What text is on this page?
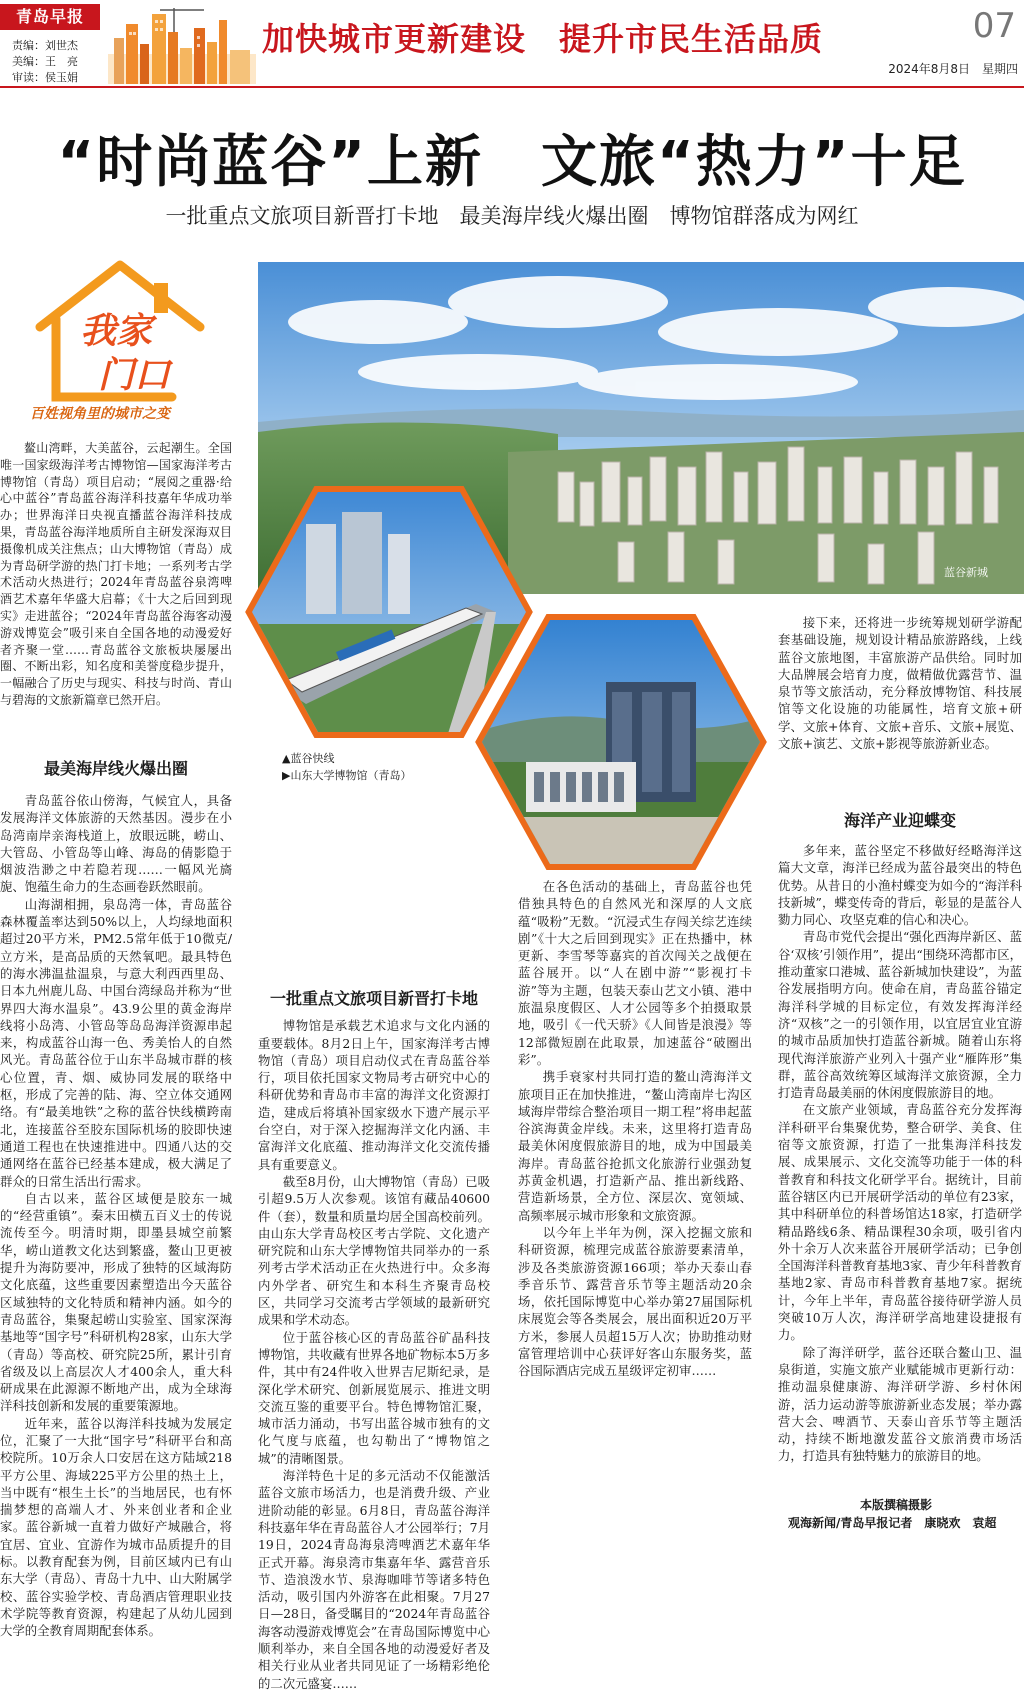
青岛早报
责编：刘世杰
美编：王　亮
审读：侯玉娟
加快城市更新建设　提升市民生活品质	07
2024年8月8日　星期四
“时尚蓝谷”上新　文旅“热力”十足
一批重点文旅项目新晋打卡地　最美海岸线火爆出圈　博物馆群落成为网红
我家
门口
百姓视角里的城市之变
蓝谷新城
▲蓝谷快线
▶山东大学博物馆（青岛）

鳌山湾畔，大美蓝谷，云起潮生。全国唯一国家级海洋考古博物馆—国家海洋考古博物馆（青岛）项目启动；“展阅之重器·给心中蓝谷”青岛蓝谷海洋科技嘉年华成功举办；世界海洋日央视直播蓝谷海洋科技成果，青岛蓝谷海洋地质所自主研发深海双目摄像机成关注焦点；山大博物馆（青岛）成为青岛研学游的热门打卡地；一系列考古学术活动火热进行；2024年青岛蓝谷泉湾啤酒艺术嘉年华盛大启幕；《十大之后回到现实》走进蓝谷；“2024年青岛蓝谷海客动漫游戏博览会”吸引来自全国各地的动漫爱好者齐聚一堂……青岛蓝谷文旅板块屡屡出圈、不断出彩，知名度和美誉度稳步提升，一幅融合了历史与现实、科技与时尚、青山与碧海的文旅新篇章已然开启。

最美海岸线火爆出圈

青岛蓝谷依山傍海，气候宜人，具备发展海洋文体旅游的天然基因。漫步在小岛湾南岸亲海栈道上，放眼远眺，崂山、大管岛、小管岛等山峰、海岛的倩影隐于烟波浩渺之中若隐若现……一幅风光旖旎、饱蕴生命力的生态画卷跃然眼前。

山海湖相拥，泉岛湾一体，青岛蓝谷森林覆盖率达到50%以上，人均绿地面积超过20平方米，PM2.5常年低于10微克/立方米，是高品质的天然氧吧。最具特色的海水沸温盐温泉，与意大利西西里岛、日本九州鹿儿岛、中国台湾绿岛并称为“世界四大海水温泉”。43.9公里的黄金海岸线将小岛湾、小管岛等岛岛海洋资源串起来，构成蓝谷山海一色、秀美怡人的自然风光。青岛蓝谷位于山东半岛城市群的核心位置，青、烟、威协同发展的联络中枢，形成了完善的陆、海、空立体交通网络。有“最美地铁”之称的蓝谷快线横跨南北，连接蓝谷至胶东国际机场的胶即快速通道工程也在快速推进中。四通八达的交通网络在蓝谷已经基本建成，极大满足了群众的日常生活出行需求。

自古以来，蓝谷区域便是胶东一城的“经营重镇”。秦末田横五百义士的传说流传至今。明清时期，即墨县城空前繁华，崂山道教文化达到繁盛，鳌山卫更被提升为海防要冲，形成了独特的区域海防文化底蕴，这些重要因素塑造出今天蓝谷区域独特的文化特质和精神内涵。如今的青岛蓝谷，集聚起崂山实验室、国家深海基地等“国字号”科研机构28家，山东大学（青岛）等高校、研究院25所，累计引育省级及以上高层次人才400余人，重大科研成果在此源源不断地产出，成为全球海洋科技创新和发展的重要策源地。

近年来，蓝谷以海洋科技城为发展定位，汇聚了一大批“国字号”科研平台和高校院所。10万余人口安居在这方陆域218平方公里、海域225平方公里的热土上，当中既有“根生土长”的当地居民，也有怀揣梦想的高端人才、外来创业者和企业家。蓝谷新城一直着力做好产城融合，将宜居、宜业、宜游作为城市品质提升的目标。以教育配套为例，目前区域内已有山东大学（青岛）、青岛十九中、山大附属学校、蓝谷实验学校、青岛酒店管理职业技术学院等教育资源，构建起了从幼儿园到大学的全教育周期配套体系。

一批重点文旅项目新晋打卡地

博物馆是承载艺术追求与文化内涵的重要载体。8月2日上午，国家海洋考古博物馆（青岛）项目启动仪式在青岛蓝谷举行，项目依托国家文物局考古研究中心的科研优势和青岛市丰富的海洋文化资源打造，建成后将填补国家级水下遗产展示平台空白，对于深入挖掘海洋文化内涵、丰富海洋文化底蕴、推动海洋文化交流传播具有重要意义。

截至8月份，山大博物馆（青岛）已吸引超9.5万人次参观。该馆有藏品40600件（套），数量和质量均居全国高校前列。由山东大学青岛校区考古学院、文化遗产研究院和山东大学博物馆共同举办的一系列考古学术活动正在火热进行中。众多海内外学者、研究生和本科生齐聚青岛校区，共同学习交流考古学领域的最新研究成果和学术动态。

位于蓝谷核心区的青岛蓝谷矿晶科技博物馆，共收藏有世界各地矿物标本5万多件，其中有24件收入世界吉尼斯纪录，是深化学术研究、创新展览展示、推进文明交流互鉴的重要平台。特色博物馆汇聚，城市活力涌动，书写出蓝谷城市独有的文化气度与底蕴，也勾勒出了“博物馆之城”的清晰图景。

海洋特色十足的多元活动不仅能激活蓝谷文旅市场活力，也是消费升级、产业进阶动能的彰显。6月8日，青岛蓝谷海洋科技嘉年华在青岛蓝谷人才公园举行；7月19日，2024青岛海泉湾啤酒艺术嘉年华正式开幕。海泉湾市集嘉年华、露营音乐节、造浪泼水节、泉海咖啡节等诸多特色活动，吸引国内外游客在此相聚。7月27日—28日，备受瞩目的“2024年青岛蓝谷海客动漫游戏博览会”在青岛国际博览中心顺利举办，来自全国各地的动漫爱好者及相关行业从业者共同见证了一场精彩绝伦的二次元盛宴……

在各色活动的基础上，青岛蓝谷也凭借独具特色的自然风光和深厚的人文底蕴“吸粉”无数。“沉浸式生存闯关综艺连续剧”《十大之后回到现实》正在热播中，林更新、李雪琴等嘉宾的首次闯关之战便在蓝谷展开。以“人在剧中游”“影视打卡游”等为主题，包装天泰山艺文小镇、港中旅温泉度假区、人才公园等多个拍摄取景地，吸引《一代天骄》《人间皆是浪漫》等12部微短剧在此取景，加速蓝谷“破圈出彩”。

携手衰家村共同打造的鳌山湾海洋文旅项目正在加快推进，“鳌山湾南岸七沟区域海岸带综合整治项目一期工程”将串起蓝谷滨海黄金岸线。未来，这里将打造青岛最美休闲度假旅游目的地，成为中国最美海岸。青岛蓝谷抢抓文化旅游行业强劲复苏黄金机遇，打造新产品、推出新线路、营造新场景，全方位、深层次、宽领域、高频率展示城市形象和文旅资源。

以今年上半年为例，深入挖掘文旅和科研资源，梳理完成蓝谷旅游要素清单，涉及各类旅游资源166项；举办天泰山春季音乐节、露营音乐节等主题活动20余场，依托国际博览中心举办第27届国际机床展览会等各类展会，展出面积近20万平方米，参展人员超15万人次；协助推动财富管理培训中心获评好客山东服务奖，蓝谷国际酒店完成五星级评定初审……

接下来，还将进一步统筹规划研学游配套基础设施，规划设计精品旅游路线，上线蓝谷文旅地图，丰富旅游产品供给。同时加大品牌展会培育力度，做精做优露营节、温泉节等文旅活动，充分释放博物馆、科技展馆等文化设施的功能属性，培育文旅+研学、文旅+体育、文旅+音乐、文旅+展览、文旅+演艺、文旅+影视等旅游新业态。

海洋产业迎蝶变

多年来，蓝谷坚定不移做好经略海洋这篇大文章，海洋已经成为蓝谷最突出的特色优势。从昔日的小渔村蝶变为如今的“海洋科技新城”，蝶变传奇的背后，彰显的是蓝谷人勠力同心、攻坚克难的信心和决心。

青岛市党代会提出“强化西海岸新区、蓝谷‘双核’引领作用”，提出“围绕环湾都市区，推动董家口港城、蓝谷新城加快建设”，为蓝谷发展指明方向。使命在肩，青岛蓝谷锚定海洋科学城的目标定位，有效发挥海洋经济“双核”之一的引领作用，以宜居宜业宜游的城市品质加快打造蓝谷新城。随着山东将现代海洋旅游产业列入十强产业“雁阵形”集群，蓝谷高效统筹区域海洋文旅资源，全力打造青岛最美丽的休闲度假旅游目的地。

在文旅产业领域，青岛蓝谷充分发挥海洋科研平台集聚优势，整合研学、美食、住宿等文旅资源，打造了一批集海洋科技发展、成果展示、文化交流等功能于一体的科普教育和科技文化研学平台。据统计，目前蓝谷辖区内已开展研学活动的单位有23家，其中科研单位的科普场馆达18家，打造研学精品路线6条、精品课程30余项，吸引省内外十余万人次来蓝谷开展研学活动；已争创全国海洋科普教育基地3家、青少年科普教育基地2家、青岛市科普教育基地7家。据统计，今年上半年，青岛蓝谷接待研学游人员突破10万人次，海洋研学高地建设捷报有力。

除了海洋研学，蓝谷还联合鳌山卫、温泉街道，实施文旅产业赋能城市更新行动：推动温泉健康游、海洋研学游、乡村休闲游，活力运动游等旅游新业态发展；举办露营大会、啤酒节、天泰山音乐节等主题活动，持续不断地激发蓝谷文旅消费市场活力，打造具有独特魅力的旅游目的地。

本版撰稿摄影
观海新闻/青岛早报记者　康晓欢　袁超
